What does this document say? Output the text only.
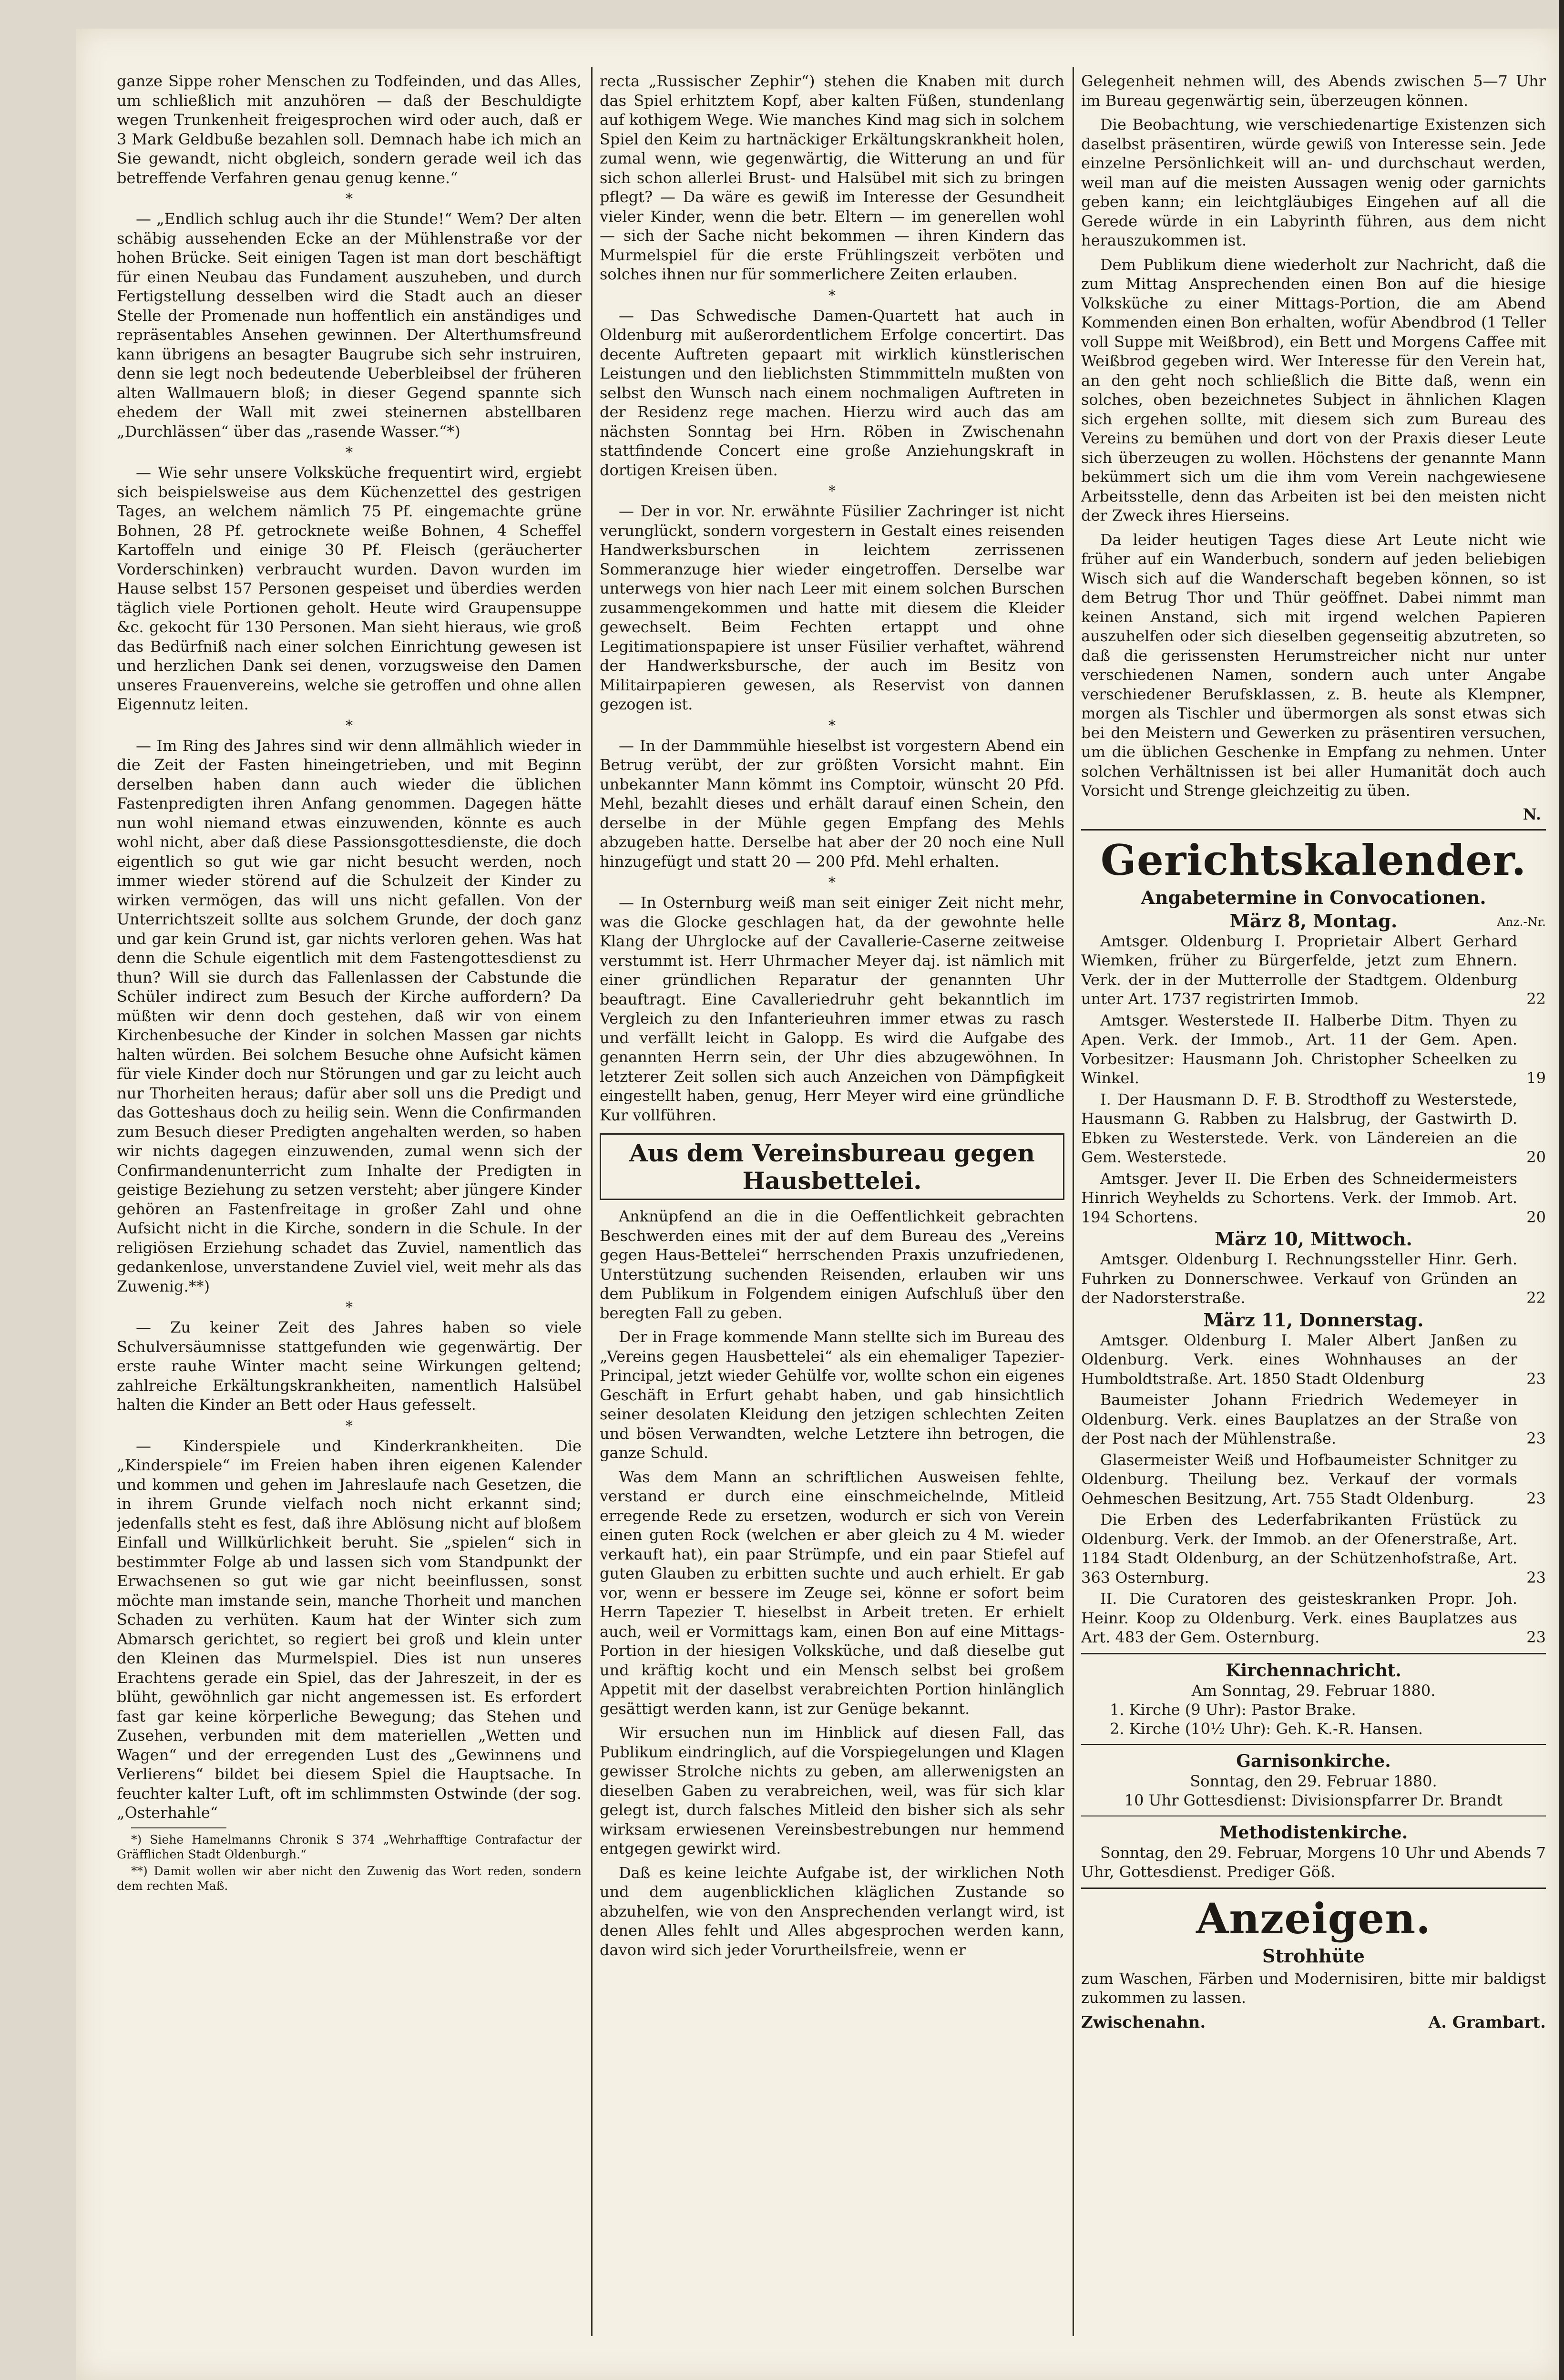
ganze Sippe roher Menschen zu Todfeinden, und das Alles, um schließlich mit anzuhören — daß der Beschuldigte wegen Trunkenheit freigesprochen wird oder auch, daß er 3 Mark Geldbuße bezahlen soll. Demnach habe ich mich an Sie gewandt, nicht obgleich, sondern gerade weil ich das betreffende Verfahren genau genug kenne.“

*

— „Endlich schlug auch ihr die Stunde!“ Wem? Der alten schäbig aussehenden Ecke an der Mühlenstraße vor der hohen Brücke. Seit einigen Tagen ist man dort beschäftigt für einen Neubau das Fundament auszuheben, und durch Fertigstellung desselben wird die Stadt auch an dieser Stelle der Promenade nun hoffentlich ein anständiges und repräsentables Ansehen gewinnen. Der Alterthumsfreund kann übrigens an besagter Baugrube sich sehr instruiren, denn sie legt noch bedeutende Ueberbleibsel der früheren alten Wallmauern bloß; in dieser Gegend spannte sich ehedem der Wall mit zwei steinernen abstellbaren „Durchlässen“ über das „rasende Wasser.“*)

*

— Wie sehr unsere Volksküche frequentirt wird, ergiebt sich beispielsweise aus dem Küchenzettel des gestrigen Tages, an welchem nämlich 75 Pf. eingemachte grüne Bohnen, 28 Pf. getrocknete weiße Bohnen, 4 Scheffel Kartoffeln und einige 30 Pf. Fleisch (geräucherter Vorderschinken) verbraucht wurden. Davon wurden im Hause selbst 157 Personen gespeiset und überdies werden täglich viele Portionen geholt. Heute wird Graupensuppe &c. gekocht für 130 Personen. Man sieht hieraus, wie groß das Bedürfniß nach einer solchen Einrichtung gewesen ist und herzlichen Dank sei denen, vorzugsweise den Damen unseres Frauenvereins, welche sie getroffen und ohne allen Eigennutz leiten.

*

— Im Ring des Jahres sind wir denn allmählich wieder in die Zeit der Fasten hineingetrieben, und mit Beginn derselben haben dann auch wieder die üblichen Fastenpredigten ihren Anfang genommen. Dagegen hätte nun wohl niemand etwas einzuwenden, könnte es auch wohl nicht, aber daß diese Passionsgottesdienste, die doch eigentlich so gut wie gar nicht besucht werden, noch immer wieder störend auf die Schulzeit der Kinder zu wirken vermögen, das will uns nicht gefallen. Von der Unterrichtszeit sollte aus solchem Grunde, der doch ganz und gar kein Grund ist, gar nichts verloren gehen. Was hat denn die Schule eigentlich mit dem Fastengottesdienst zu thun? Will sie durch das Fallenlassen der Cabstunde die Schüler indirect zum Besuch der Kirche auffordern? Da müßten wir denn doch gestehen, daß wir von einem Kirchenbesuche der Kinder in solchen Massen gar nichts halten würden. Bei solchem Besuche ohne Aufsicht kämen für viele Kinder doch nur Störungen und gar zu leicht auch nur Thorheiten heraus; dafür aber soll uns die Predigt und das Gotteshaus doch zu heilig sein. Wenn die Confirmanden zum Besuch dieser Predigten angehalten werden, so haben wir nichts dagegen einzuwenden, zumal wenn sich der Confirmandenunterricht zum Inhalte der Predigten in geistige Beziehung zu setzen versteht; aber jüngere Kinder gehören an Fastenfreitage in großer Zahl und ohne Aufsicht nicht in die Kirche, sondern in die Schule. In der religiösen Erziehung schadet das Zuviel, namentlich das gedankenlose, unverstandene Zuviel viel, weit mehr als das Zuwenig.**)

*

— Zu keiner Zeit des Jahres haben so viele Schulversäumnisse stattgefunden wie gegenwärtig. Der erste rauhe Winter macht seine Wirkungen geltend; zahlreiche Erkältungskrankheiten, namentlich Halsübel halten die Kinder an Bett oder Haus gefesselt.

*

— Kinderspiele und Kinderkrankheiten. Die „Kinderspiele“ im Freien haben ihren eigenen Kalender und kommen und gehen im Jahreslaufe nach Gesetzen, die in ihrem Grunde vielfach noch nicht erkannt sind; jedenfalls steht es fest, daß ihre Ablösung nicht auf bloßem Einfall und Willkürlichkeit beruht. Sie „spielen“ sich in bestimmter Folge ab und lassen sich vom Standpunkt der Erwachsenen so gut wie gar nicht beeinflussen, sonst möchte man imstande sein, manche Thorheit und manchen Schaden zu verhüten. Kaum hat der Winter sich zum Abmarsch gerichtet, so regiert bei groß und klein unter den Kleinen das Murmelspiel. Dies ist nun unseres Erachtens gerade ein Spiel, das der Jahreszeit, in der es blüht, gewöhnlich gar nicht angemessen ist. Es erfordert fast gar keine körperliche Bewegung; das Stehen und Zusehen, verbunden mit dem materiellen „Wetten und Wagen“ und der erregenden Lust des „Gewinnens und Verlierens“ bildet bei diesem Spiel die Hauptsache. In feuchter kalter Luft, oft im schlimmsten Ostwinde (der sog. „Osterhahle“

*) Siehe Hamelmanns Chronik S 374 „Wehrhafftige Contrafactur der Gräfflichen Stadt Oldenburgh.“

**) Damit wollen wir aber nicht den Zuwenig das Wort reden, sondern dem rechten Maß.

recta „Russischer Zephir“) stehen die Knaben mit durch das Spiel erhitztem Kopf, aber kalten Füßen, stundenlang auf kothigem Wege. Wie manches Kind mag sich in solchem Spiel den Keim zu hartnäckiger Erkältungskrankheit holen, zumal wenn, wie gegenwärtig, die Witterung an und für sich schon allerlei Brust- und Halsübel mit sich zu bringen pflegt? — Da wäre es gewiß im Interesse der Gesundheit vieler Kinder, wenn die betr. Eltern — im generellen wohl — sich der Sache nicht bekommen — ihren Kindern das Murmelspiel für die erste Frühlingszeit verböten und solches ihnen nur für sommerlichere Zeiten erlauben.

*

— Das Schwedische Damen-Quartett hat auch in Oldenburg mit außerordentlichem Erfolge concertirt. Das decente Auftreten gepaart mit wirklich künstlerischen Leistungen und den lieblichsten Stimmmitteln mußten von selbst den Wunsch nach einem nochmaligen Auftreten in der Residenz rege machen. Hierzu wird auch das am nächsten Sonntag bei Hrn. Röben in Zwischenahn stattfindende Concert eine große Anziehungskraft in dortigen Kreisen üben.

*

— Der in vor. Nr. erwähnte Füsilier Zachringer ist nicht verunglückt, sondern vorgestern in Gestalt eines reisenden Handwerksburschen in leichtem zerrissenen Sommeranzuge hier wieder eingetroffen. Derselbe war unterwegs von hier nach Leer mit einem solchen Burschen zusammengekommen und hatte mit diesem die Kleider gewechselt. Beim Fechten ertappt und ohne Legitimationspapiere ist unser Füsilier verhaftet, während der Handwerksbursche, der auch im Besitz von Militairpapieren gewesen, als Reservist von dannen gezogen ist.

*

— In der Dammmühle hieselbst ist vorgestern Abend ein Betrug verübt, der zur größten Vorsicht mahnt. Ein unbekannter Mann kömmt ins Comptoir, wünscht 20 Pfd. Mehl, bezahlt dieses und erhält darauf einen Schein, den derselbe in der Mühle gegen Empfang des Mehls abzugeben hatte. Derselbe hat aber der 20 noch eine Null hinzugefügt und statt 20 — 200 Pfd. Mehl erhalten.

*

— In Osternburg weiß man seit einiger Zeit nicht mehr, was die Glocke geschlagen hat, da der gewohnte helle Klang der Uhrglocke auf der Cavallerie-Caserne zeitweise verstummt ist. Herr Uhrmacher Meyer daj. ist nämlich mit einer gründlichen Reparatur der genannten Uhr beauftragt. Eine Cavalleriedruhr geht bekanntlich im Vergleich zu den Infanterieuhren immer etwas zu rasch und verfällt leicht in Galopp. Es wird die Aufgabe des genannten Herrn sein, der Uhr dies abzugewöhnen. In letzterer Zeit sollen sich auch Anzeichen von Dämpfigkeit eingestellt haben, genug, Herr Meyer wird eine gründliche Kur vollführen.

Aus dem Vereinsbureau gegen Hausbettelei.

Anknüpfend an die in die Oeffentlichkeit gebrachten Beschwerden eines mit der auf dem Bureau des „Vereins gegen Haus-Bettelei“ herrschenden Praxis unzufriedenen, Unterstützung suchenden Reisenden, erlauben wir uns dem Publikum in Folgendem einigen Aufschluß über den beregten Fall zu geben.

Der in Frage kommende Mann stellte sich im Bureau des „Vereins gegen Hausbettelei“ als ein ehemaliger Tapezier-Principal, jetzt wieder Gehülfe vor, wollte schon ein eigenes Geschäft in Erfurt gehabt haben, und gab hinsichtlich seiner desolaten Kleidung den jetzigen schlechten Zeiten und bösen Verwandten, welche Letztere ihn betrogen, die ganze Schuld.

Was dem Mann an schriftlichen Ausweisen fehlte, verstand er durch eine einschmeichelnde, Mitleid erregende Rede zu ersetzen, wodurch er sich von Verein einen guten Rock (welchen er aber gleich zu 4 M. wieder verkauft hat), ein paar Strümpfe, und ein paar Stiefel auf guten Glauben zu erbitten suchte und auch erhielt. Er gab vor, wenn er bessere im Zeuge sei, könne er sofort beim Herrn Tapezier T. hieselbst in Arbeit treten. Er erhielt auch, weil er Vormittags kam, einen Bon auf eine Mittags-Portion in der hiesigen Volksküche, und daß dieselbe gut und kräftig kocht und ein Mensch selbst bei großem Appetit mit der daselbst verabreichten Portion hinlänglich gesättigt werden kann, ist zur Genüge bekannt.

Wir ersuchen nun im Hinblick auf diesen Fall, das Publikum eindringlich, auf die Vorspiegelungen und Klagen gewisser Strolche nichts zu geben, am allerwenigsten an dieselben Gaben zu verabreichen, weil, was für sich klar gelegt ist, durch falsches Mitleid den bisher sich als sehr wirksam erwiesenen Vereinsbestrebungen nur hemmend entgegen gewirkt wird.

Daß es keine leichte Aufgabe ist, der wirklichen Noth und dem augenblicklichen kläglichen Zustande so abzuhelfen, wie von den Ansprechenden verlangt wird, ist denen Alles fehlt und Alles abgesprochen werden kann, davon wird sich jeder Vorurtheilsfreie, wenn er

Gelegenheit nehmen will, des Abends zwischen 5—7 Uhr im Bureau gegenwärtig sein, überzeugen können.

Die Beobachtung, wie verschiedenartige Existenzen sich daselbst präsentiren, würde gewiß von Interesse sein. Jede einzelne Persönlichkeit will an- und durchschaut werden, weil man auf die meisten Aussagen wenig oder garnichts geben kann; ein leichtgläubiges Eingehen auf all die Gerede würde in ein Labyrinth führen, aus dem nicht herauszukommen ist.

Dem Publikum diene wiederholt zur Nachricht, daß die zum Mittag Ansprechenden einen Bon auf die hiesige Volksküche zu einer Mittags-Portion, die am Abend Kommenden einen Bon erhalten, wofür Abendbrod (1 Teller voll Suppe mit Weißbrod), ein Bett und Morgens Caffee mit Weißbrod gegeben wird. Wer Interesse für den Verein hat, an den geht noch schließlich die Bitte daß, wenn ein solches, oben bezeichnetes Subject in ähnlichen Klagen sich ergehen sollte, mit diesem sich zum Bureau des Vereins zu bemühen und dort von der Praxis dieser Leute sich überzeugen zu wollen. Höchstens der genannte Mann bekümmert sich um die ihm vom Verein nachgewiesene Arbeitsstelle, denn das Arbeiten ist bei den meisten nicht der Zweck ihres Hierseins.

Da leider heutigen Tages diese Art Leute nicht wie früher auf ein Wanderbuch, sondern auf jeden beliebigen Wisch sich auf die Wanderschaft begeben können, so ist dem Betrug Thor und Thür geöffnet. Dabei nimmt man keinen Anstand, sich mit irgend welchen Papieren auszuhelfen oder sich dieselben gegenseitig abzutreten, so daß die gerissensten Herumstreicher nicht nur unter verschiedenen Namen, sondern auch unter Angabe verschiedener Berufsklassen, z. B. heute als Klempner, morgen als Tischler und übermorgen als sonst etwas sich bei den Meistern und Gewerken zu präsentiren versuchen, um die üblichen Geschenke in Empfang zu nehmen. Unter solchen Verhältnissen ist bei aller Humanität doch auch Vorsicht und Strenge gleichzeitig zu üben.

N.
Gerichtskalender.
Angabetermine in Convocationen.
März 8, Montag.	Anz.-Nr.
Amtsger. Oldenburg I. Proprietair Albert Gerhard Wiemken, früher zu Bürgerfelde, jetzt zum Ehnern. Verk. der in der Mutterrolle der Stadtgem. Oldenburg unter Art. 1737 registrirten Immob.	22
Amtsger. Westerstede II. Halberbe Ditm. Thyen zu Apen. Verk. der Immob., Art. 11 der Gem. Apen. Vorbesitzer: Hausmann Joh. Christopher Scheelken zu Winkel.	19
I. Der Hausmann D. F. B. Strodthoff zu Westerstede, Hausmann G. Rabben zu Halsbrug, der Gastwirth D. Ebken zu Westerstede. Verk. von Ländereien an die Gem. Westerstede.	20
Amtsger. Jever II. Die Erben des Schneidermeisters Hinrich Weyhelds zu Schortens. Verk. der Immob. Art. 194 Schortens.	20
März 10, Mittwoch.
Amtsger. Oldenburg I. Rechnungssteller Hinr. Gerh. Fuhrken zu Donnerschwee. Verkauf von Gründen an der Nadorsterstraße.	22
März 11, Donnerstag.
Amtsger. Oldenburg I. Maler Albert Janßen zu Oldenburg. Verk. eines Wohnhauses an der Humboldtstraße. Art. 1850 Stadt Oldenburg	23
Baumeister Johann Friedrich Wedemeyer in Oldenburg. Verk. eines Bauplatzes an der Straße von der Post nach der Mühlenstraße.	23
Glasermeister Weiß und Hofbaumeister Schnitger zu Oldenburg. Theilung bez. Verkauf der vormals Oehmeschen Besitzung, Art. 755 Stadt Oldenburg.	23
Die Erben des Lederfabrikanten Früstück zu Oldenburg. Verk. der Immob. an der Ofenerstraße, Art. 1184 Stadt Oldenburg, an der Schützenhofstraße, Art. 363 Osternburg.	23
II. Die Curatoren des geisteskranken Propr. Joh. Heinr. Koop zu Oldenburg. Verk. eines Bauplatzes aus Art. 483 der Gem. Osternburg.	23
Kirchennachricht.
Am Sonntag, 29. Februar 1880.
1. Kirche (9 Uhr): Pastor Brake.
2. Kirche (10½ Uhr): Geh. K.-R. Hansen.
Garnisonkirche.
Sonntag, den 29. Februar 1880.
10 Uhr Gottesdienst: Divisionspfarrer Dr. Brandt
Methodistenkirche.

Sonntag, den 29. Februar, Morgens 10 Uhr und Abends 7 Uhr, Gottesdienst. Prediger Göß.

Anzeigen.
Strohhüte

zum Waschen, Färben und Modernisiren, bitte mir baldigst zukommen zu lassen.

Zwischenahn.	A. Grambart.
